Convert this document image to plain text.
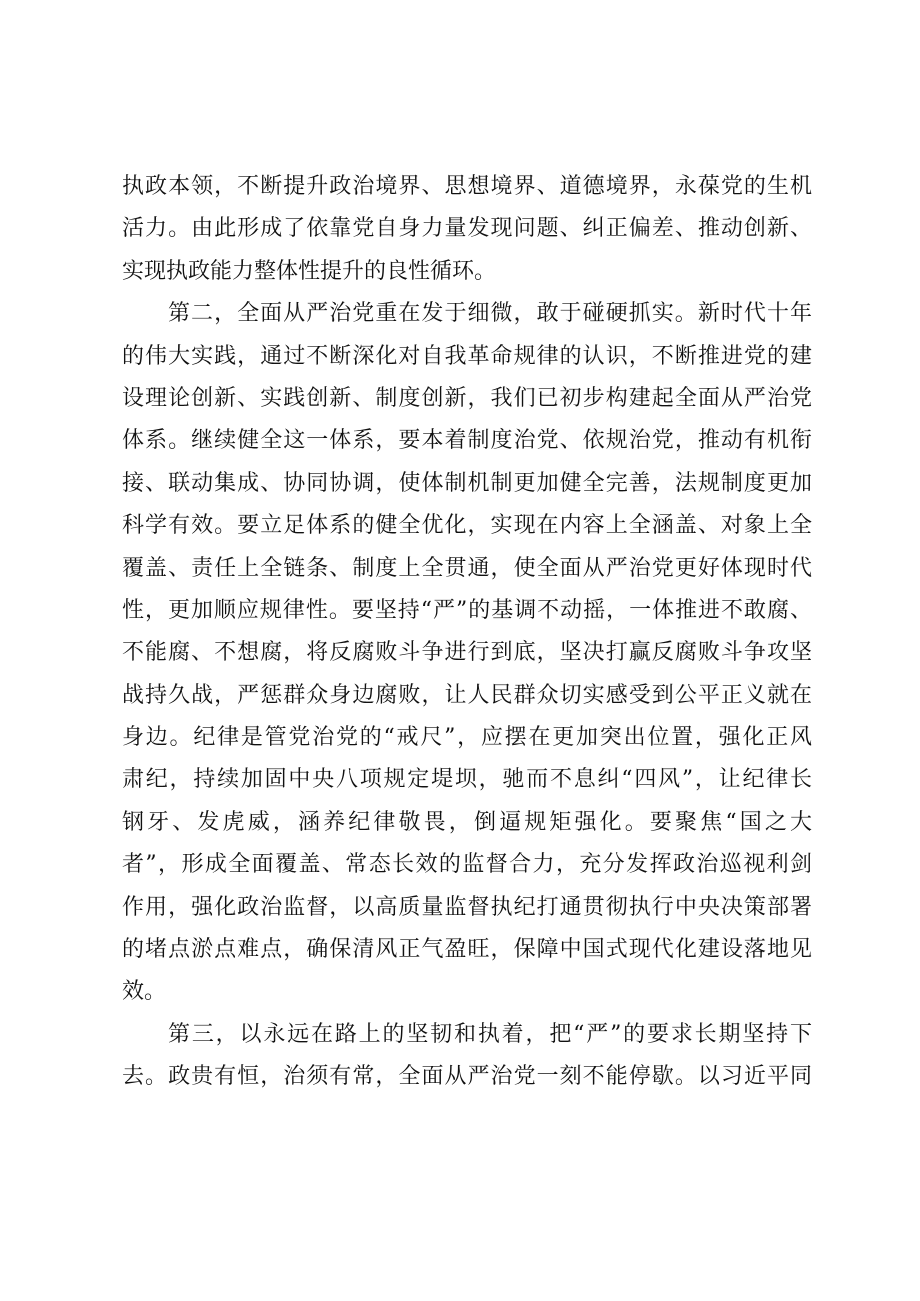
执政本领，不断提升政治境界、思想境界、道德境界，永葆党的生机
活力。由此形成了依靠党自身力量发现问题、纠正偏差、推动创新、
实现执政能力整体性提升的良性循环。
第二，全面从严治党重在发于细微，敢于碰硬抓实。新时代十年
的伟大实践，通过不断深化对自我革命规律的认识，不断推进党的建
设理论创新、实践创新、制度创新，我们已初步构建起全面从严治党
体系。继续健全这一体系，要本着制度治党、依规治党，推动有机衔
接、联动集成、协同协调，使体制机制更加健全完善，法规制度更加
科学有效。要立足体系的健全优化，实现在内容上全涵盖、对象上全
覆盖、责任上全链条、制度上全贯通，使全面从严治党更好体现时代
性，更加顺应规律性。要坚持“严”的基调不动摇，一体推进不敢腐、
不能腐、不想腐，将反腐败斗争进行到底，坚决打赢反腐败斗争攻坚
战持久战，严惩群众身边腐败，让人民群众切实感受到公平正义就在
身边。纪律是管党治党的“戒尺”，应摆在更加突出位置，强化正风
肃纪，持续加固中央八项规定堤坝，驰而不息纠“四风”，让纪律长
钢牙、发虎威，涵养纪律敬畏，倒逼规矩强化。要聚焦“国之大
者”，形成全面覆盖、常态长效的监督合力，充分发挥政治巡视利剑
作用，强化政治监督，以高质量监督执纪打通贯彻执行中央决策部署
的堵点淤点难点，确保清风正气盈旺，保障中国式现代化建设落地见
效。
第三，以永远在路上的坚韧和执着，把“严”的要求长期坚持下
去。政贵有恒，治须有常，全面从严治党一刻不能停歇。以习近平同
